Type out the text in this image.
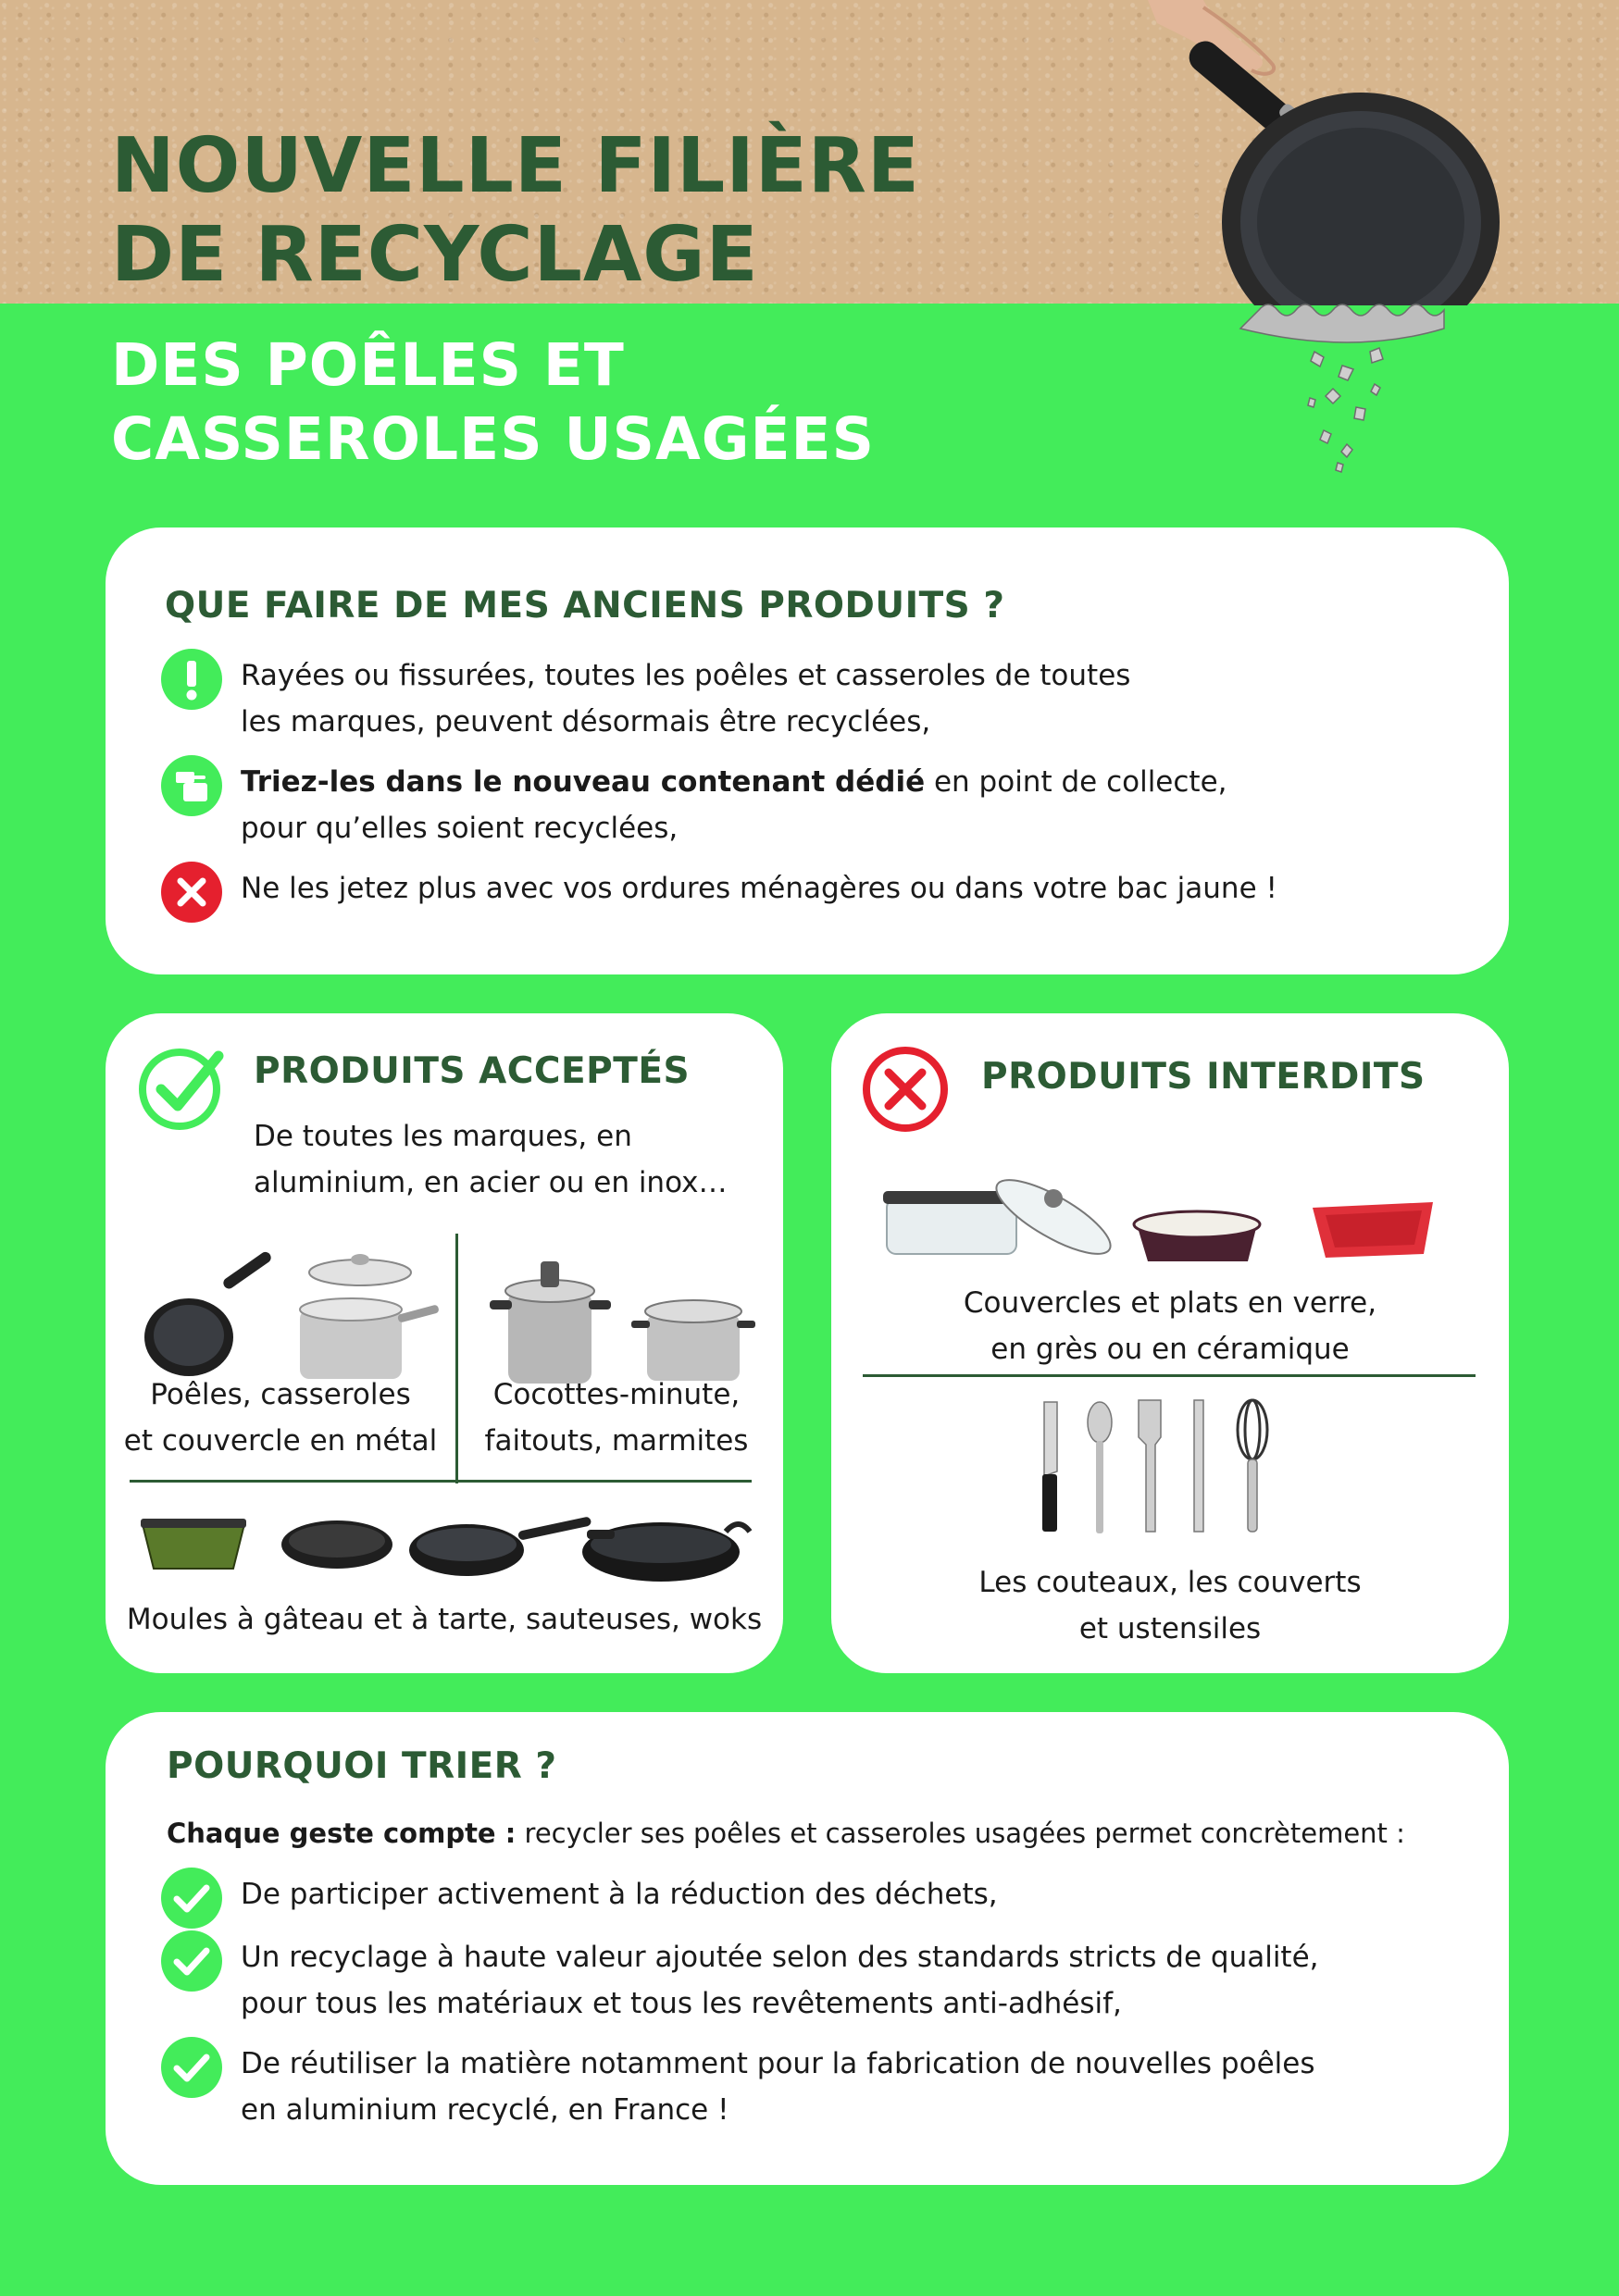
NOUVELLE FILIÈRE
DE RECYCLAGE
DES POÊLES ET
CASSEROLES USAGÉES
QUE FAIRE DE MES ANCIENS PRODUITS ?
Rayées ou fissurées, toutes les poêles et casseroles de toutes
les marques, peuvent désormais être recyclées,
Triez-les dans le nouveau contenant dédié en point de collecte,
pour qu’elles soient recyclées,
Ne les jetez plus avec vos ordures ménagères ou dans votre bac jaune !
PRODUITS ACCEPTÉS
De toutes les marques, en
aluminium, en acier ou en inox…
Poêles, casseroles
et couvercle en métal
Cocottes-minute,
faitouts, marmites
Moules à gâteau et à tarte, sauteuses, woks
PRODUITS INTERDITS
Couvercles et plats en verre,
en grès ou en céramique
Les couteaux, les couverts
et ustensiles
POURQUOI TRIER ?
Chaque geste compte : recycler ses poêles et casseroles usagées permet concrètement :
De participer activement à la réduction des déchets,
Un recyclage à haute valeur ajoutée selon des standards stricts de qualité,
pour tous les matériaux et tous les revêtements anti-adhésif,
De réutiliser la matière notamment pour la fabrication de nouvelles poêles
en aluminium recyclé, en France !
